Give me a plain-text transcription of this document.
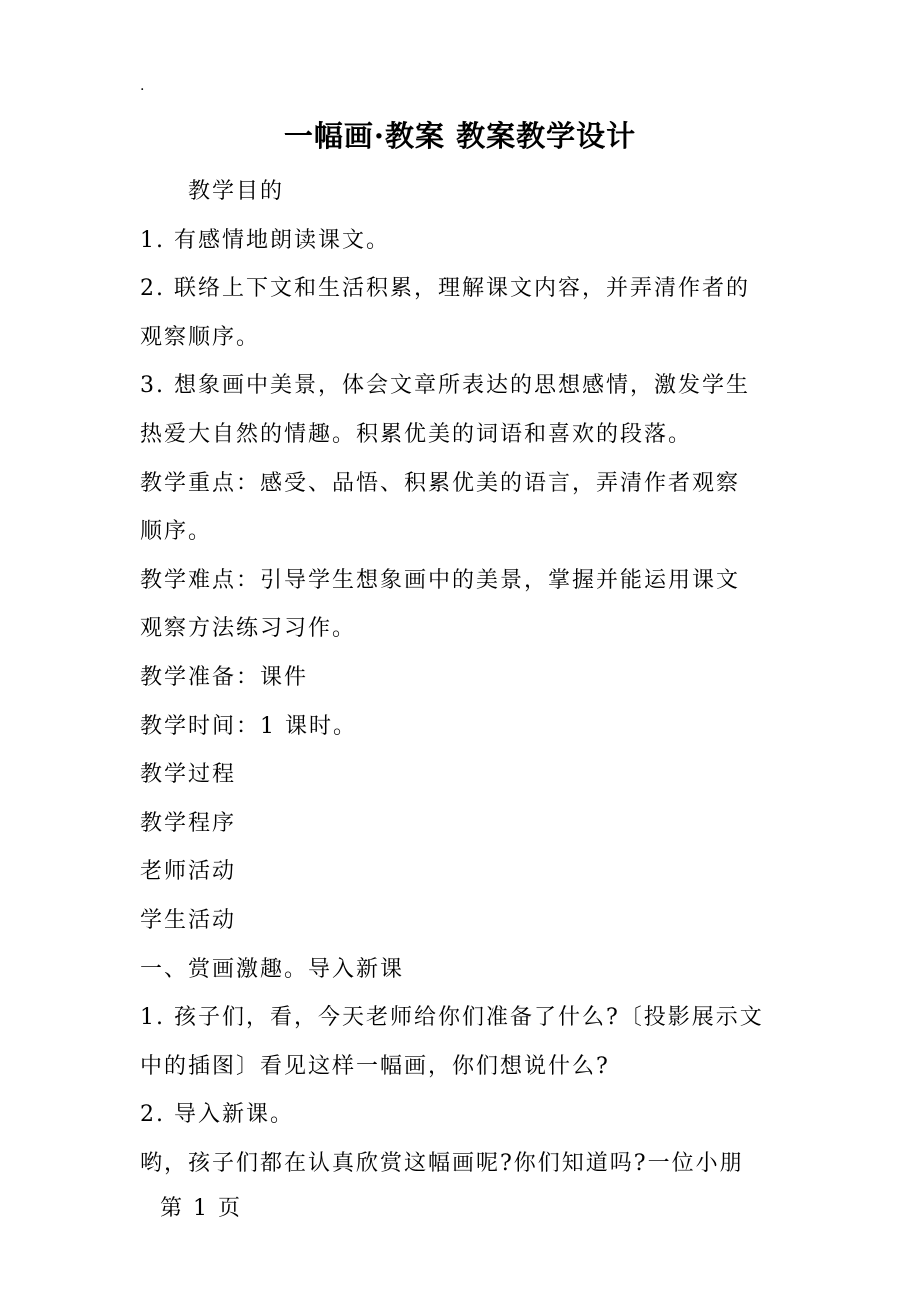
.
一幅画·教案 教案教学设计

教学目的

1. 有感情地朗读课文。

2. 联络上下文和生活积累，理解课文内容，并弄清作者的

观察顺序。

3. 想象画中美景，体会文章所表达的思想感情，激发学生

热爱大自然的情趣。积累优美的词语和喜欢的段落。

教学重点：感受、品悟、积累优美的语言，弄清作者观察

顺序。

教学难点：引导学生想象画中的美景，掌握并能运用课文

观察方法练习习作。

教学准备：课件

教学时间：1 课时。

教学过程

教学程序

老师活动

学生活动

一、赏画激趣。导入新课

1. 孩子们，看，今天老师给你们准备了什么?〔投影展示文

中的插图〕看见这样一幅画，你们想说什么?

2. 导入新课。

哟，孩子们都在认真欣赏这幅画呢?你们知道吗?一位小朋

第 1 页
